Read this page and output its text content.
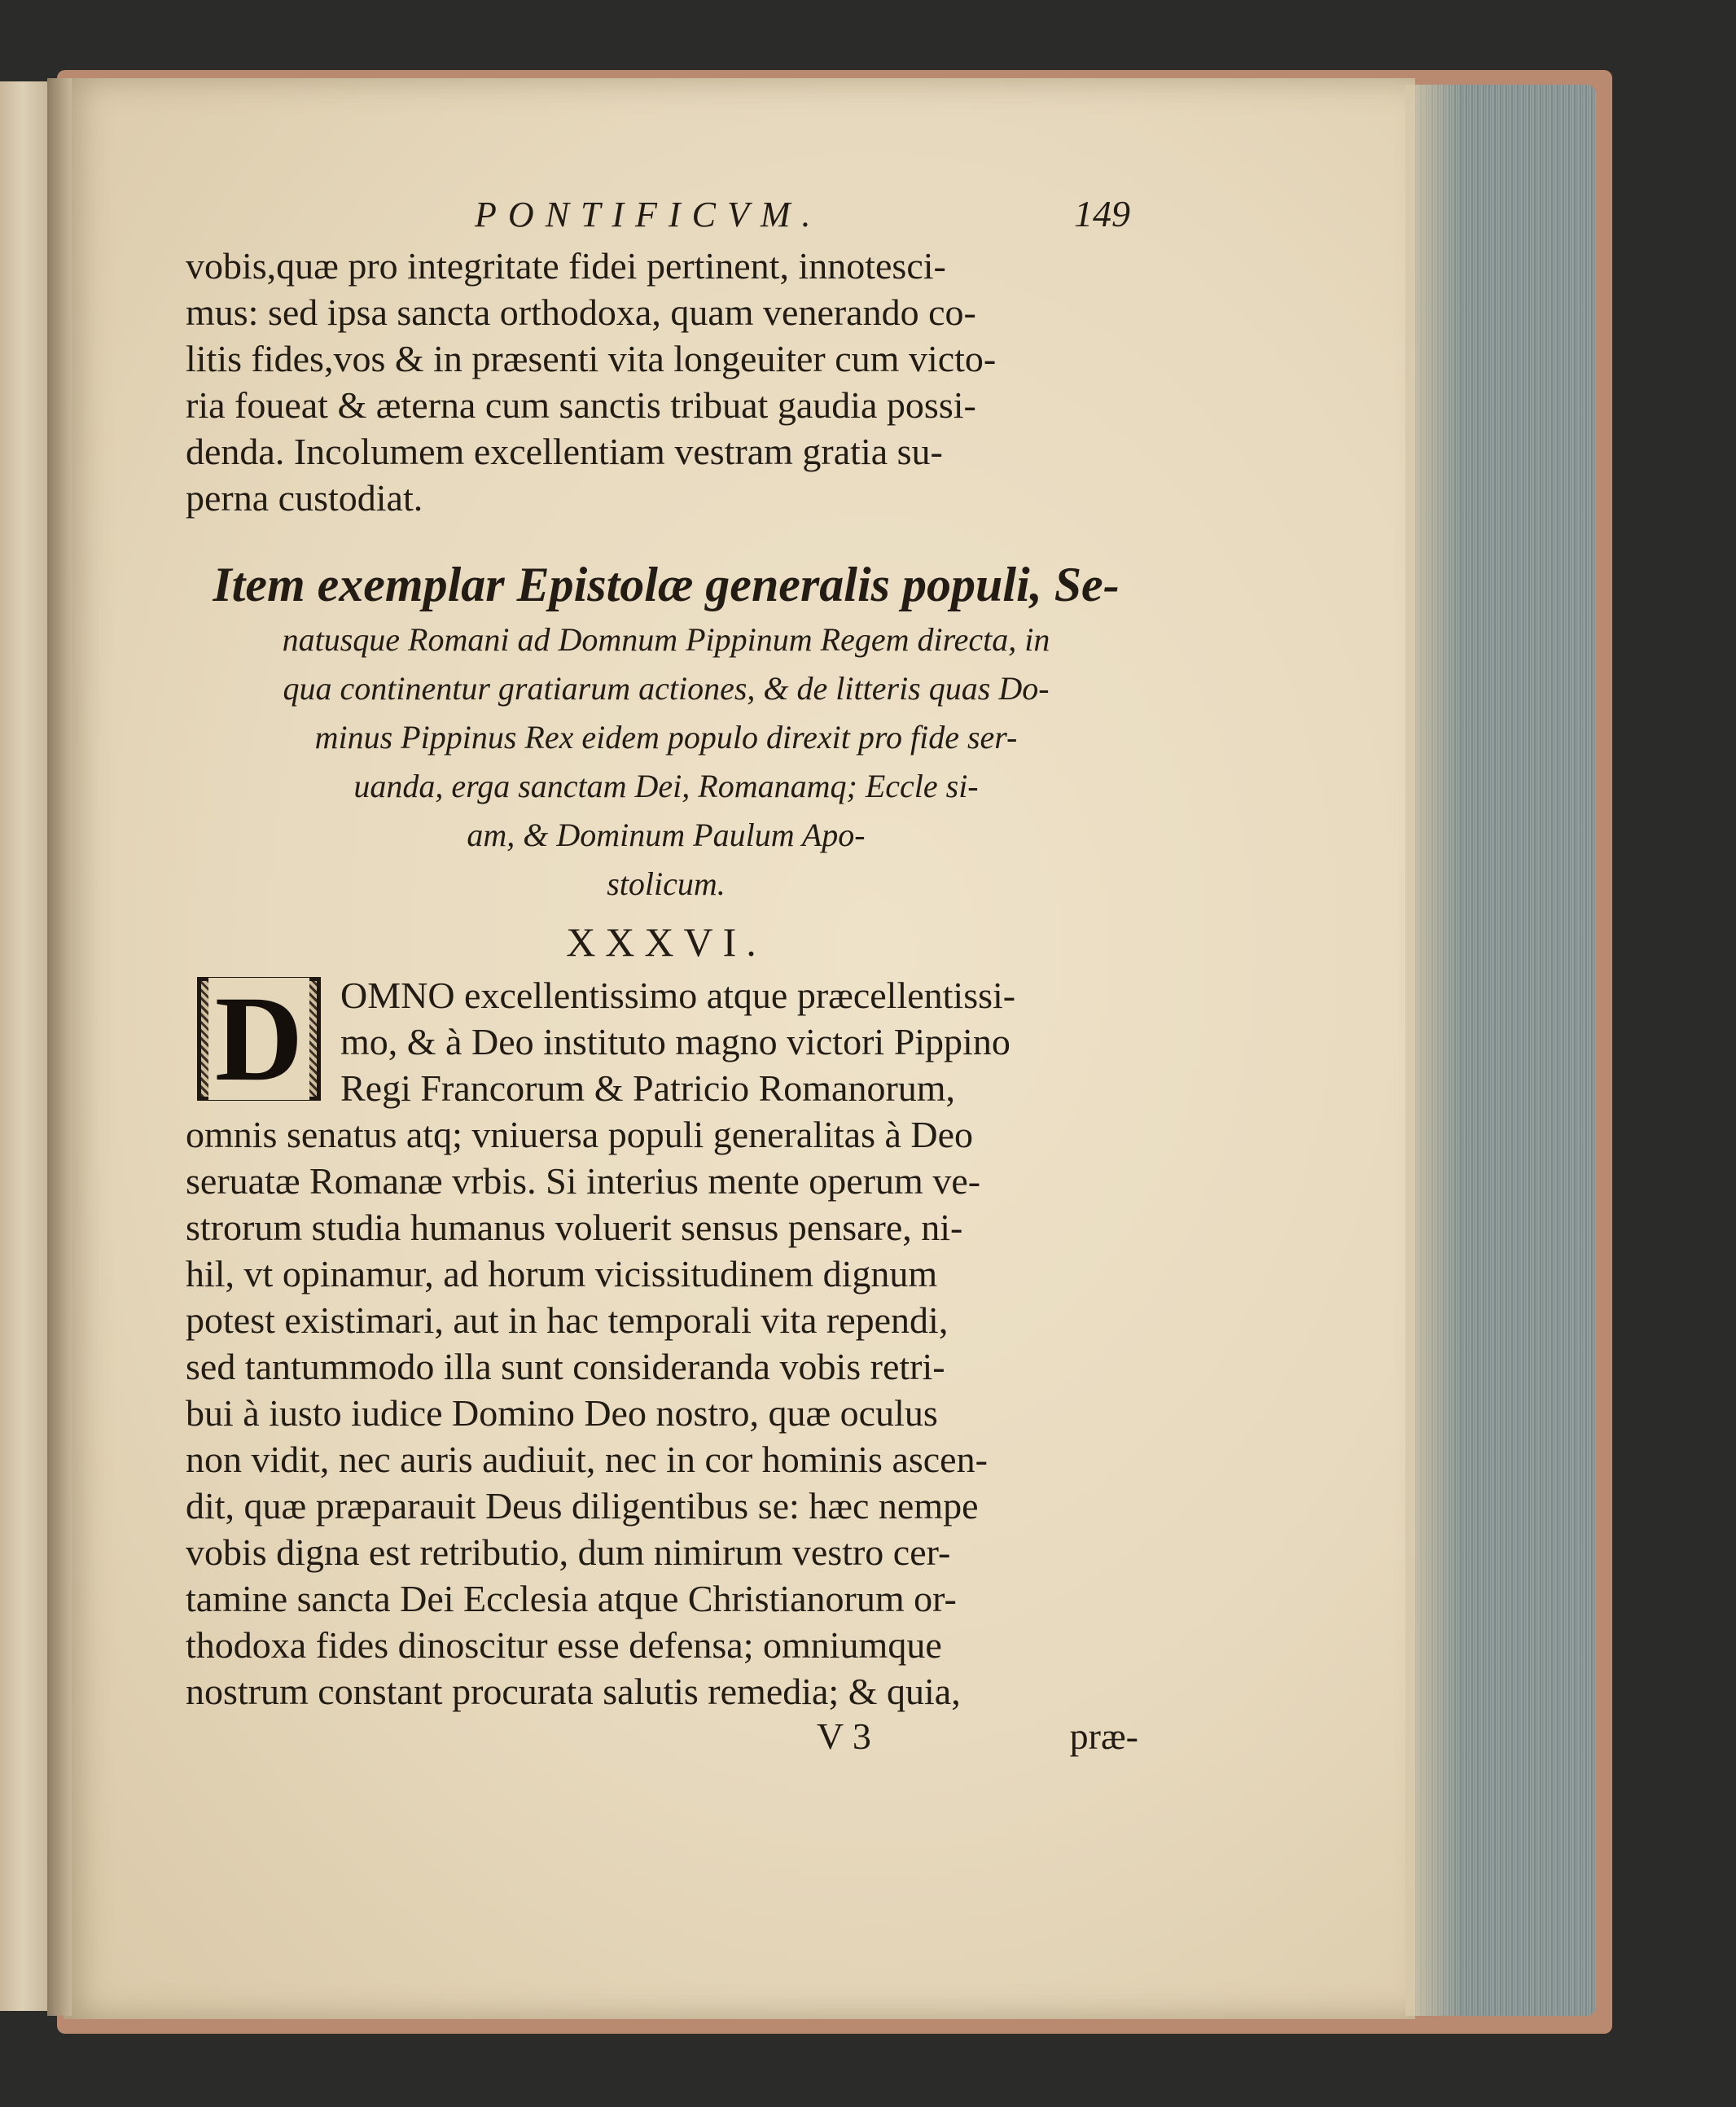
PONTIFICVM.	149
vobis,quæ pro integritate fidei pertinent, innotesci-
mus: sed ipsa sancta orthodoxa, quam venerando co-
litis fides,vos & in præsenti vita longeuiter cum victo-
ria foueat & æterna cum sanctis tribuat gaudia possi-
denda. Incolumem excellentiam vestram gratia su-
perna custodiat.
Item exemplar Epistolæ generalis populi, Se-
natusque Romani ad Domnum Pippinum Regem directa, in
qua continentur gratiarum actiones, & de litteris quas Do-
minus Pippinus Rex eidem populo direxit pro fide ser-
uanda, erga sanctam Dei, Romanamq; Eccle si-
am, & Dominum Paulum Apo-
stolicum.
XXXVI.
D OMNO excellentissimo atque præcellentissi-
mo, & à Deo instituto magno victori Pippino
Regi Francorum & Patricio Romanorum,
omnis senatus atq; vniuersa populi generalitas à Deo
seruatæ Romanæ vrbis. Si interius mente operum ve-
strorum studia humanus voluerit sensus pensare, ni-
hil, vt opinamur, ad horum vicissitudinem dignum
potest existimari, aut in hac temporali vita rependi,
sed tantummodo illa sunt consideranda vobis retri-
bui à iusto iudice Domino Deo nostro, quæ oculus
non vidit, nec auris audiuit, nec in cor hominis ascen-
dit, quæ præparauit Deus diligentibus se: hæc nempe
vobis digna est retributio, dum nimirum vestro cer-
tamine sancta Dei Ecclesia atque Christianorum or-
thodoxa fides dinoscitur esse defensa; omniumque
nostrum constant procurata salutis remedia; & quia,
V 3	præ-
